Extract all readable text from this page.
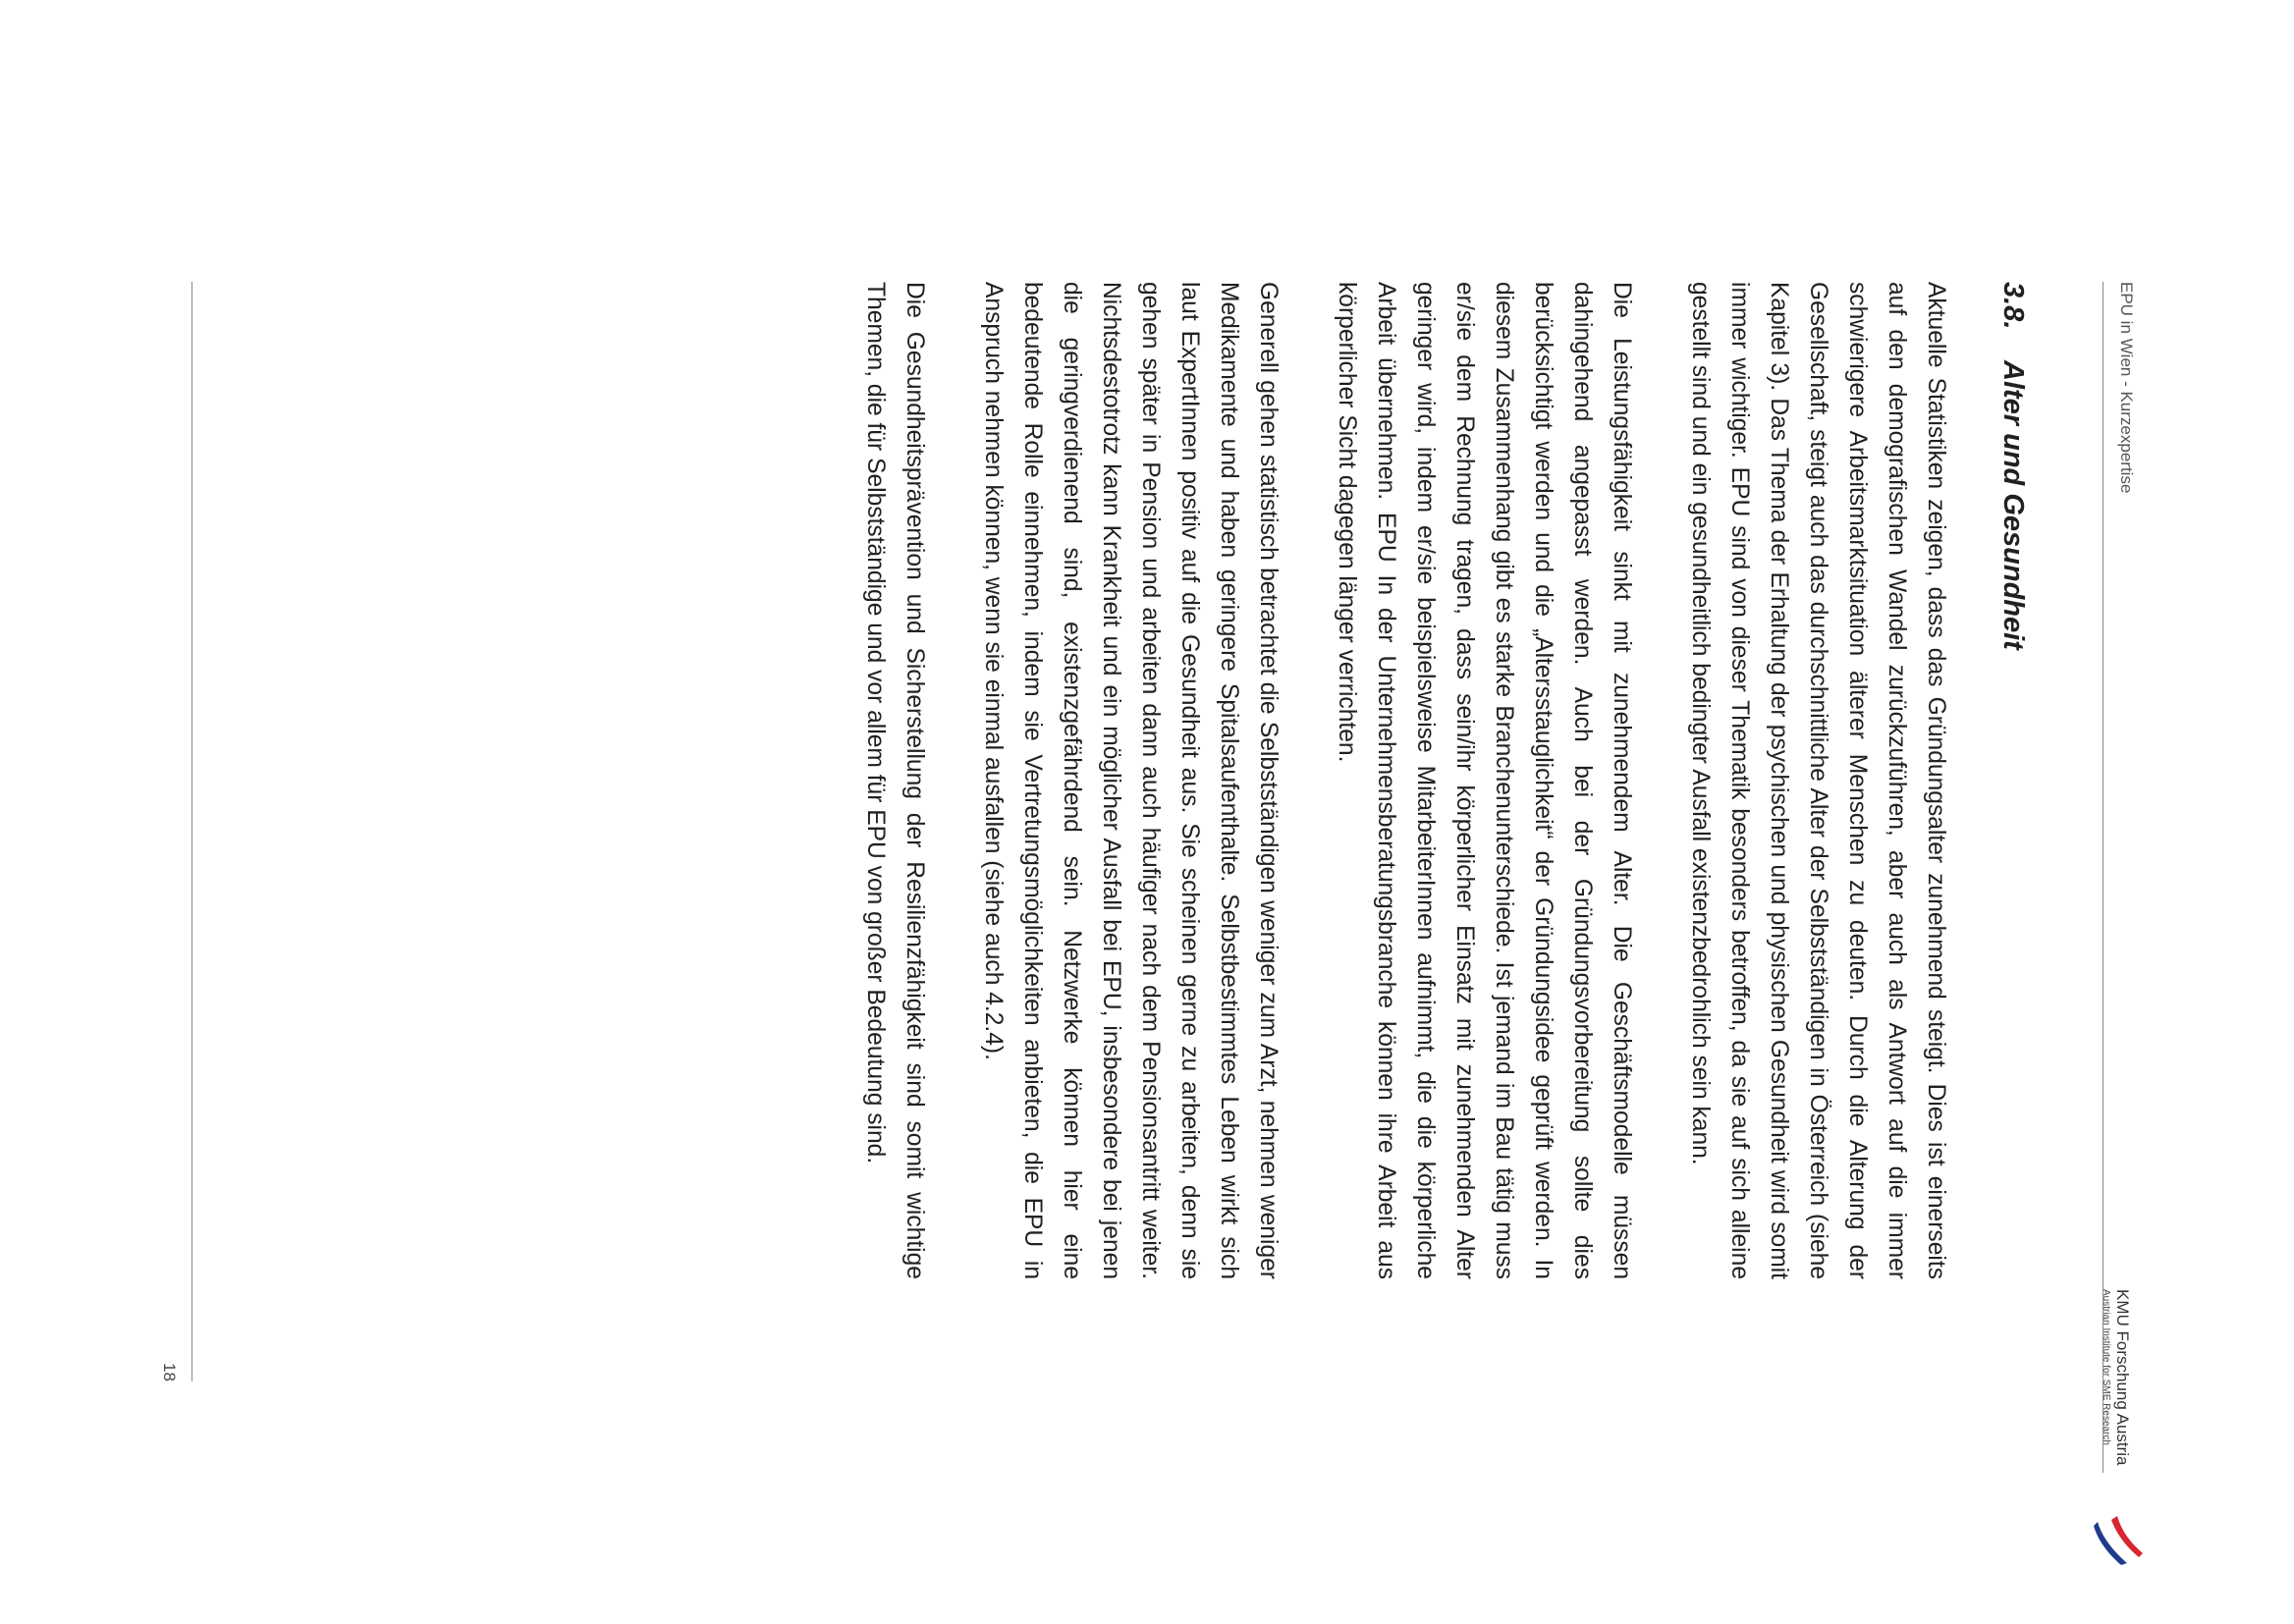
EPU in Wien - Kurzexpertise
KMU Forschung Austria
Austrian Institute for SME Research
3.8.
Alter und Gesundheit

Aktuelle Statistiken zeigen, dass das Gründungsalter zunehmend steigt. Dies ist einerseits auf den demografischen Wandel zurückzuführen, aber auch als Antwort auf die immer schwierigere Arbeitsmarktsituation älterer Menschen zu deuten. Durch die Alterung der Gesellschaft, steigt auch das durchschnittliche Alter der Selbstständigen in Österreich (siehe Kapitel 3). Das Thema der Erhaltung der psychischen und physischen Gesundheit wird somit immer wichtiger. EPU sind von dieser Thematik besonders betroffen, da sie auf sich alleine gestellt sind und ein gesundheitlich bedingter Ausfall existenzbedrohlich sein kann.

Die Leistungsfähigkeit sinkt mit zunehmendem Alter. Die Geschäftsmodelle müssen dahingehend angepasst werden. Auch bei der Gründungsvorbereitung sollte dies berücksichtigt werden und die „Altersstauglichkeit“ der Gründungsidee geprüft werden. In diesem Zusammenhang gibt es starke Branchenunterschiede. Ist jemand im Bau tätig muss er/sie dem Rechnung tragen, dass sein/ihr körperlicher Einsatz mit zunehmenden Alter geringer wird, indem er/sie beispielsweise MitarbeiterInnen aufnimmt, die die körperliche Arbeit übernehmen. EPU In der Unternehmensberatungsbranche können ihre Arbeit aus körperlicher Sicht dagegen länger verrichten.

Generell gehen statistisch betrachtet die Selbstständigen weniger zum Arzt, nehmen weniger Medikamente und haben geringere Spitalsaufenthalte. Selbstbestimmtes Leben wirkt sich laut ExpertInnen positiv auf die Gesundheit aus. Sie scheinen gerne zu arbeiten, denn sie gehen später in Pension und arbeiten dann auch häufiger nach dem Pensionsantritt weiter. Nichtsdestotrotz kann Krankheit und ein möglicher Ausfall bei EPU, insbesondere bei jenen die geringverdienend sind, existenzgefährdend sein. Netzwerke können hier eine bedeutende Rolle einnehmen, indem sie Vertretungsmöglichkeiten anbieten, die EPU in Anspruch nehmen können, wenn sie einmal ausfallen (siehe auch 4.2.4).

Die Gesundheitsprävention und Sicherstellung der Resilienzfähigkeit sind somit wichtige Themen, die für Selbstständige und vor allem für EPU von großer Bedeutung sind.

18
